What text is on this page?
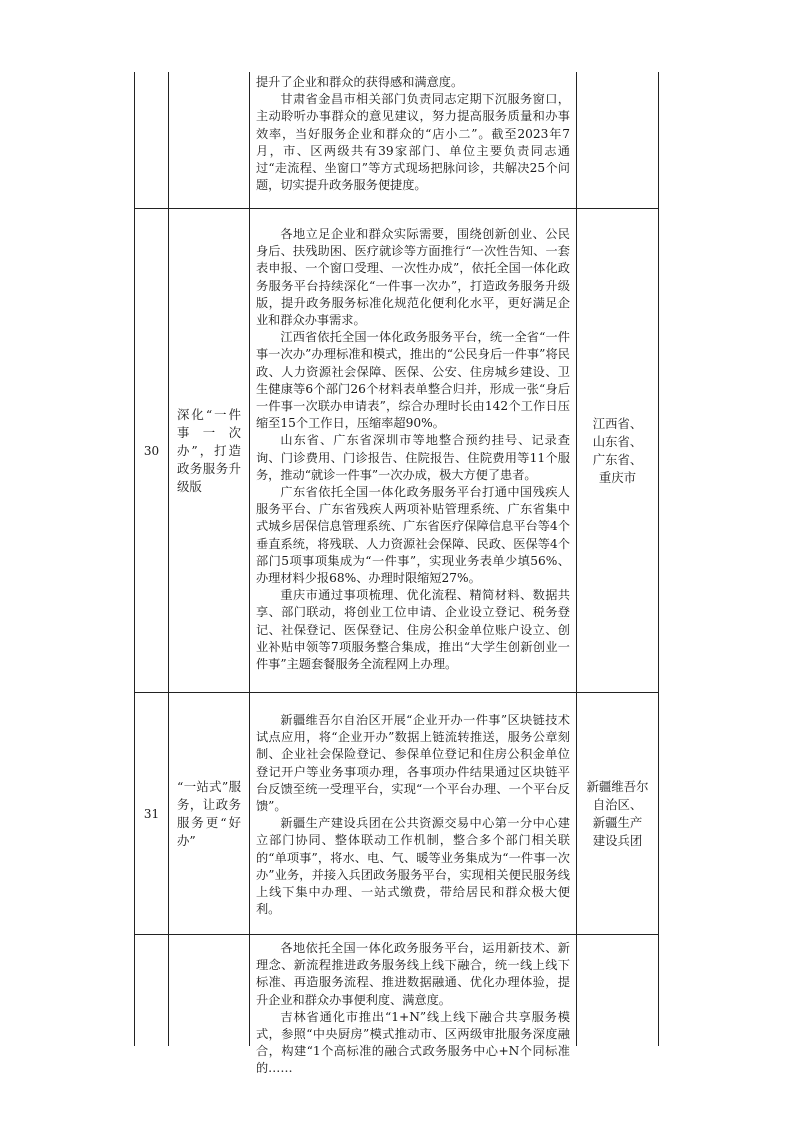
提升了企业和群众的获得感和满意度。

甘肃省金昌市相关部门负责同志定期下沉服务窗口，主动聆听办事群众的意见建议，努力提高服务质量和办事效率，当好服务企业和群众的“店小二”。截至2023年7月，市、区两级共有39家部门、单位主要负责同志通过“走流程、坐窗口”等方式现场把脉问诊，共解决25个问题，切实提升政务服务便捷度。

30
深化“一件事一次办”，打造政务服务升级版

各地立足企业和群众实际需要，围绕创新创业、公民身后、扶残助困、医疗就诊等方面推行“一次性告知、一套表申报、一个窗口受理、一次性办成”，依托全国一体化政务服务平台持续深化“一件事一次办”，打造政务服务升级版，提升政务服务标准化规范化便利化水平，更好满足企业和群众办事需求。

江西省依托全国一体化政务服务平台，统一全省“一件事一次办”办理标准和模式，推出的“公民身后一件事”将民政、人力资源社会保障、医保、公安、住房城乡建设、卫生健康等6个部门26个材料表单整合归并，形成一张“身后一件事一次联办申请表”，综合办理时长由142个工作日压缩至15个工作日，压缩率超90%。

山东省、广东省深圳市等地整合预约挂号、记录查询、门诊费用、门诊报告、住院报告、住院费用等11个服务，推动“就诊一件事”一次办成，极大方便了患者。

广东省依托全国一体化政务服务平台打通中国残疾人服务平台、广东省残疾人两项补贴管理系统、广东省集中式城乡居保信息管理系统、广东省医疗保障信息平台等4个垂直系统，将残联、人力资源社会保障、民政、医保等4个部门5项事项集成为“一件事”，实现业务表单少填56%、办理材料少报68%、办理时限缩短27%。

重庆市通过事项梳理、优化流程、精简材料、数据共享、部门联动，将创业工位申请、企业设立登记、税务登记、社保登记、医保登记、住房公积金单位账户设立、创业补贴申领等7项服务整合集成，推出“大学生创新创业一件事”主题套餐服务全流程网上办理。

江西省、
山东省、
广东省、
重庆市
31
“一站式”服务，让政务服务更“好办”

新疆维吾尔自治区开展“企业开办一件事”区块链技术试点应用，将“企业开办”数据上链流转推送，服务公章刻制、企业社会保险登记、参保单位登记和住房公积金单位登记开户等业务事项办理，各事项办件结果通过区块链平台反馈至统一受理平台，实现“一个平台办理、一个平台反馈”。

新疆生产建设兵团在公共资源交易中心第一分中心建立部门协同、整体联动工作机制，整合多个部门相关联的“单项事”，将水、电、气、暖等业务集成为“一件事一次办”业务，并接入兵团政务服务平台，实现相关便民服务线上线下集中办理、一站式缴费，带给居民和群众极大便利。

新疆维吾尔
自治区、
新疆生产
建设兵团

各地依托全国一体化政务服务平台，运用新技术、新理念、新流程推进政务服务线上线下融合，统一线上线下标准、再造服务流程、推进数据融通、优化办理体验，提升企业和群众办事便利度、满意度。

吉林省通化市推出“1+N”线上线下融合共享服务模式，参照“中央厨房”模式推动市、区两级审批服务深度融合，构建“1个高标准的融合式政务服务中心+N个同标准的……
